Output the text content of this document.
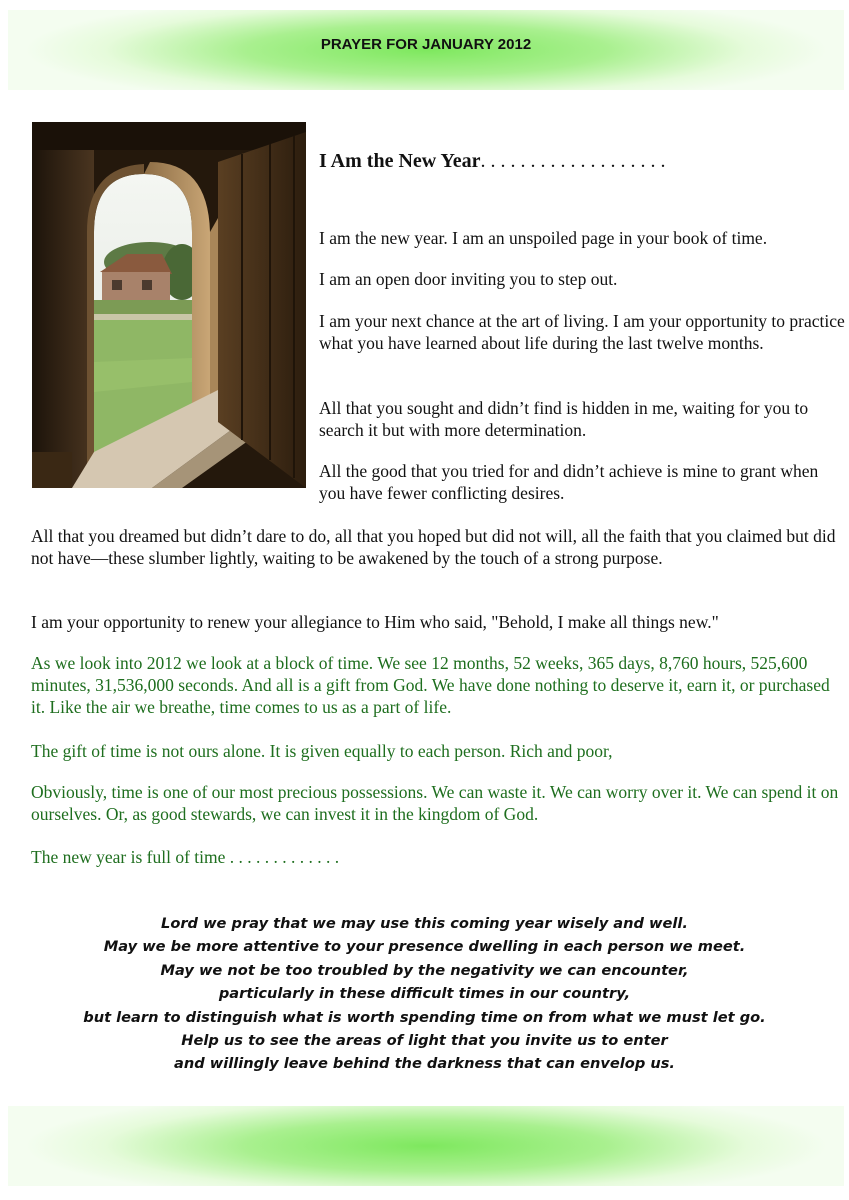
PRAYER FOR JANUARY 2012
I Am the New Year. . . . . . . . . . . . . . . . . . .

I am the new year. I am an unspoiled page in your book of time.

I am an open door inviting you to step out.

I am your next chance at the art of living. I am your opportunity to practice what you have learned about life during the last twelve months.

All that you sought and didn’t find is hidden in me, waiting for you to search it but with more determination.

All the good that you tried for and didn’t achieve is mine to grant when you have fewer conflicting desires.

All that you dreamed but didn’t dare to do, all that you hoped but did not will, all the faith that you claimed but did not have—these slumber lightly, waiting to be awakened by the touch of a strong purpose.

I am your opportunity to renew your allegiance to Him who said, "Behold, I make all things new."

As we look into 2012 we look at a block of time. We see 12 months, 52 weeks, 365 days, 8,760 hours, 525,600 minutes, 31,536,000 seconds. And all is a gift from God. We have done nothing to deserve it, earn it, or purchased it. Like the air we breathe, time comes to us as a part of life.

The gift of time is not ours alone. It is given equally to each person. Rich and poor,

Obviously, time is one of our most precious possessions. We can waste it. We can worry over it. We can spend it on ourselves. Or, as good stewards, we can invest it in the kingdom of God.

The new year is full of time . . . . . . . . . . . . .

Lord we pray that we may use this coming year wisely and well.
May we be more attentive to your presence dwelling in each person we meet.
May we not be too troubled by the negativity we can encounter,
particularly in these difficult times in our country,
but learn to distinguish what is worth spending time on from what we must let go.
Help us to see the areas of light that you invite us to enter
and willingly leave behind the darkness that can envelop us.
